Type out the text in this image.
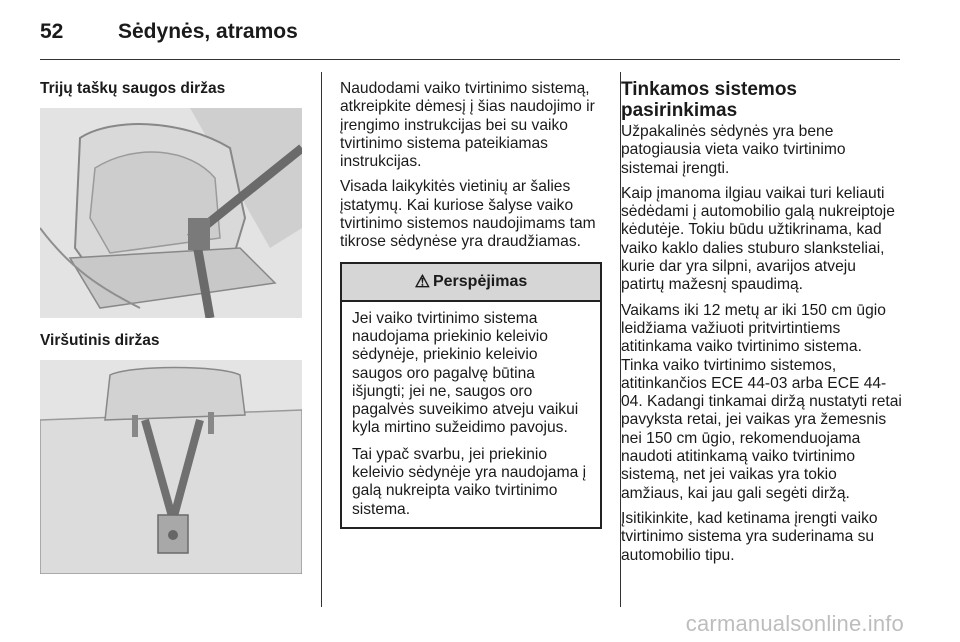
52	Sėdynės, atramos
Trijų taškų saugos diržas
Viršutinis diržas

Naudodami vaiko tvirtinimo sistemą, atkreipkite dėmesį į šias naudojimo ir įrengimo instrukcijas bei su vaiko tvirtinimo sistema pateikiamas instrukcijas.

Visada laikykitės vietinių ar šalies įstatymų. Kai kuriose šalyse vaiko tvirtinimo sistemos naudojimams tam tikrose sėdynėse yra draudžiamas.

⚠ Perspėjimas

Jei vaiko tvirtinimo sistema naudojama priekinio keleivio sėdynėje, priekinio keleivio saugos oro pagalvę būtina išjungti; jei ne, saugos oro pagalvės suveikimo atveju vaikui kyla mirtino sužeidimo pavojus.

Tai ypač svarbu, jei priekinio keleivio sėdynėje yra naudojama į galą nukreipta vaiko tvirtinimo sistema.

Tinkamos sistemos pasirinkimas

Užpakalinės sėdynės yra bene patogiausia vieta vaiko tvirtinimo sistemai įrengti.

Kaip įmanoma ilgiau vaikai turi keliauti sėdėdami į automobilio galą nukreiptoje kėdutėje. Tokiu būdu užtikrinama, kad vaiko kaklo dalies stuburo slanksteliai, kurie dar yra silpni, avarijos atveju patirtų mažesnį spaudimą.

Vaikams iki 12 metų ar iki 150 cm ūgio leidžiama važiuoti pritvirtintiems atitinkama vaiko tvirtinimo sistema. Tinka vaiko tvirtinimo sistemos, atitinkančios ECE 44-03 arba ECE 44-04. Kadangi tinkamai diržą nustatyti retai pavyksta retai, jei vaikas yra žemesnis nei 150 cm ūgio, rekomenduojama naudoti atitinkamą vaiko tvirtinimo sistemą, net jei vaikas yra tokio amžiaus, kai jau gali segėti diržą.

Įsitikinkite, kad ketinama įrengti vaiko tvirtinimo sistema yra suderinama su automobilio tipu.

carmanualsonline.info
